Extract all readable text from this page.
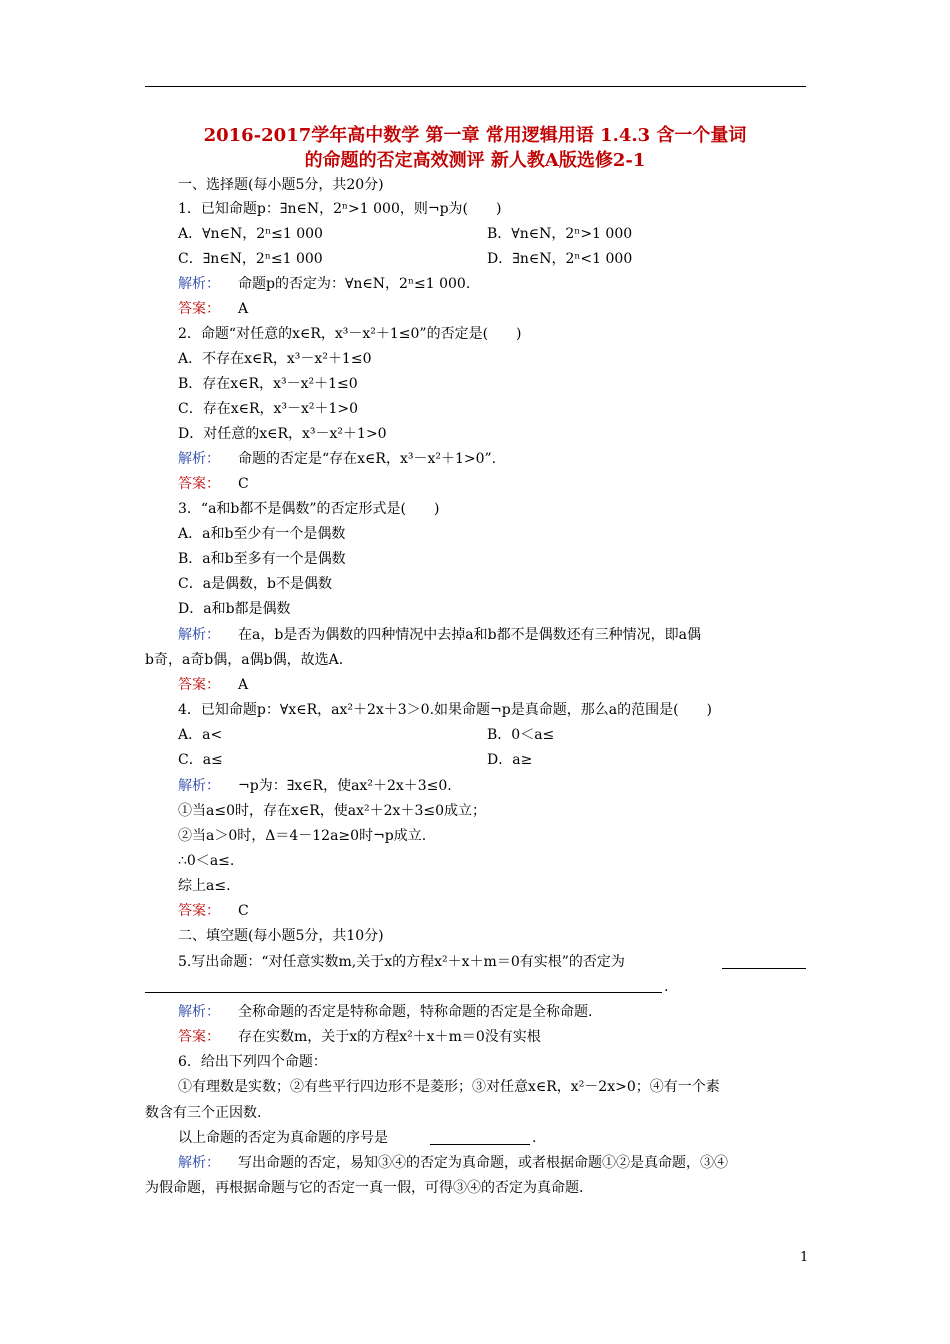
2016-2017学年高中数学 第一章 常用逻辑用语 1.4.3 含一个量词
的命题的否定高效测评 新人教A版选修2-1
一、选择题(每小题5分，共20分)
1．已知命题p：∃n∈N，2ⁿ>1 000，则¬p为(　　)
A．∀n∈N，2ⁿ≤1 000	B．∀n∈N，2ⁿ>1 000
C．∃n∈N，2ⁿ≤1 000	D．∃n∈N，2ⁿ<1 000
解析： 命题p的否定为：∀n∈N，2ⁿ≤1 000.
答案： A
2．命题“对任意的x∈R，x³－x²＋1≤0”的否定是(　　)
A．不存在x∈R，x³－x²＋1≤0
B．存在x∈R，x³－x²＋1≤0
C．存在x∈R，x³－x²＋1>0
D．对任意的x∈R，x³－x²＋1>0
解析： 命题的否定是“存在x∈R，x³－x²＋1>0”.
答案： C
3．“a和b都不是偶数”的否定形式是(　　)
A．a和b至少有一个是偶数
B．a和b至多有一个是偶数
C．a是偶数，b不是偶数
D．a和b都是偶数
解析： 在a，b是否为偶数的四种情况中去掉a和b都不是偶数还有三种情况，即a偶
b奇，a奇b偶，a偶b偶，故选A.
答案： A
4．已知命题p：∀x∈R，ax²＋2x＋3＞0.如果命题¬p是真命题，那么a的范围是(　　)
A．a<	B．0＜a≤
C．a≤	D．a≥
解析： ¬p为：∃x∈R，使ax²＋2x＋3≤0.
①当a≤0时，存在x∈R，使ax²＋2x＋3≤0成立；
②当a＞0时，Δ＝4－12a≥0时¬p成立.
∴0＜a≤.
综上a≤.
答案： C
二、填空题(每小题5分，共10分)
5.写出命题：“对任意实数m,关于x的方程x²＋x＋m＝0有实根”的否定为
.
解析： 全称命题的否定是特称命题，特称命题的否定是全称命题.
答案： 存在实数m，关于x的方程x²＋x＋m＝0没有实根
6．给出下列四个命题：
①有理数是实数；②有些平行四边形不是菱形；③对任意x∈R，x²－2x>0；④有一个素
数含有三个正因数.
以上命题的否定为真命题的序号是	.
解析： 写出命题的否定，易知③④的否定为真命题，或者根据命题①②是真命题，③④
为假命题，再根据命题与它的否定一真一假，可得③④的否定为真命题.
1
